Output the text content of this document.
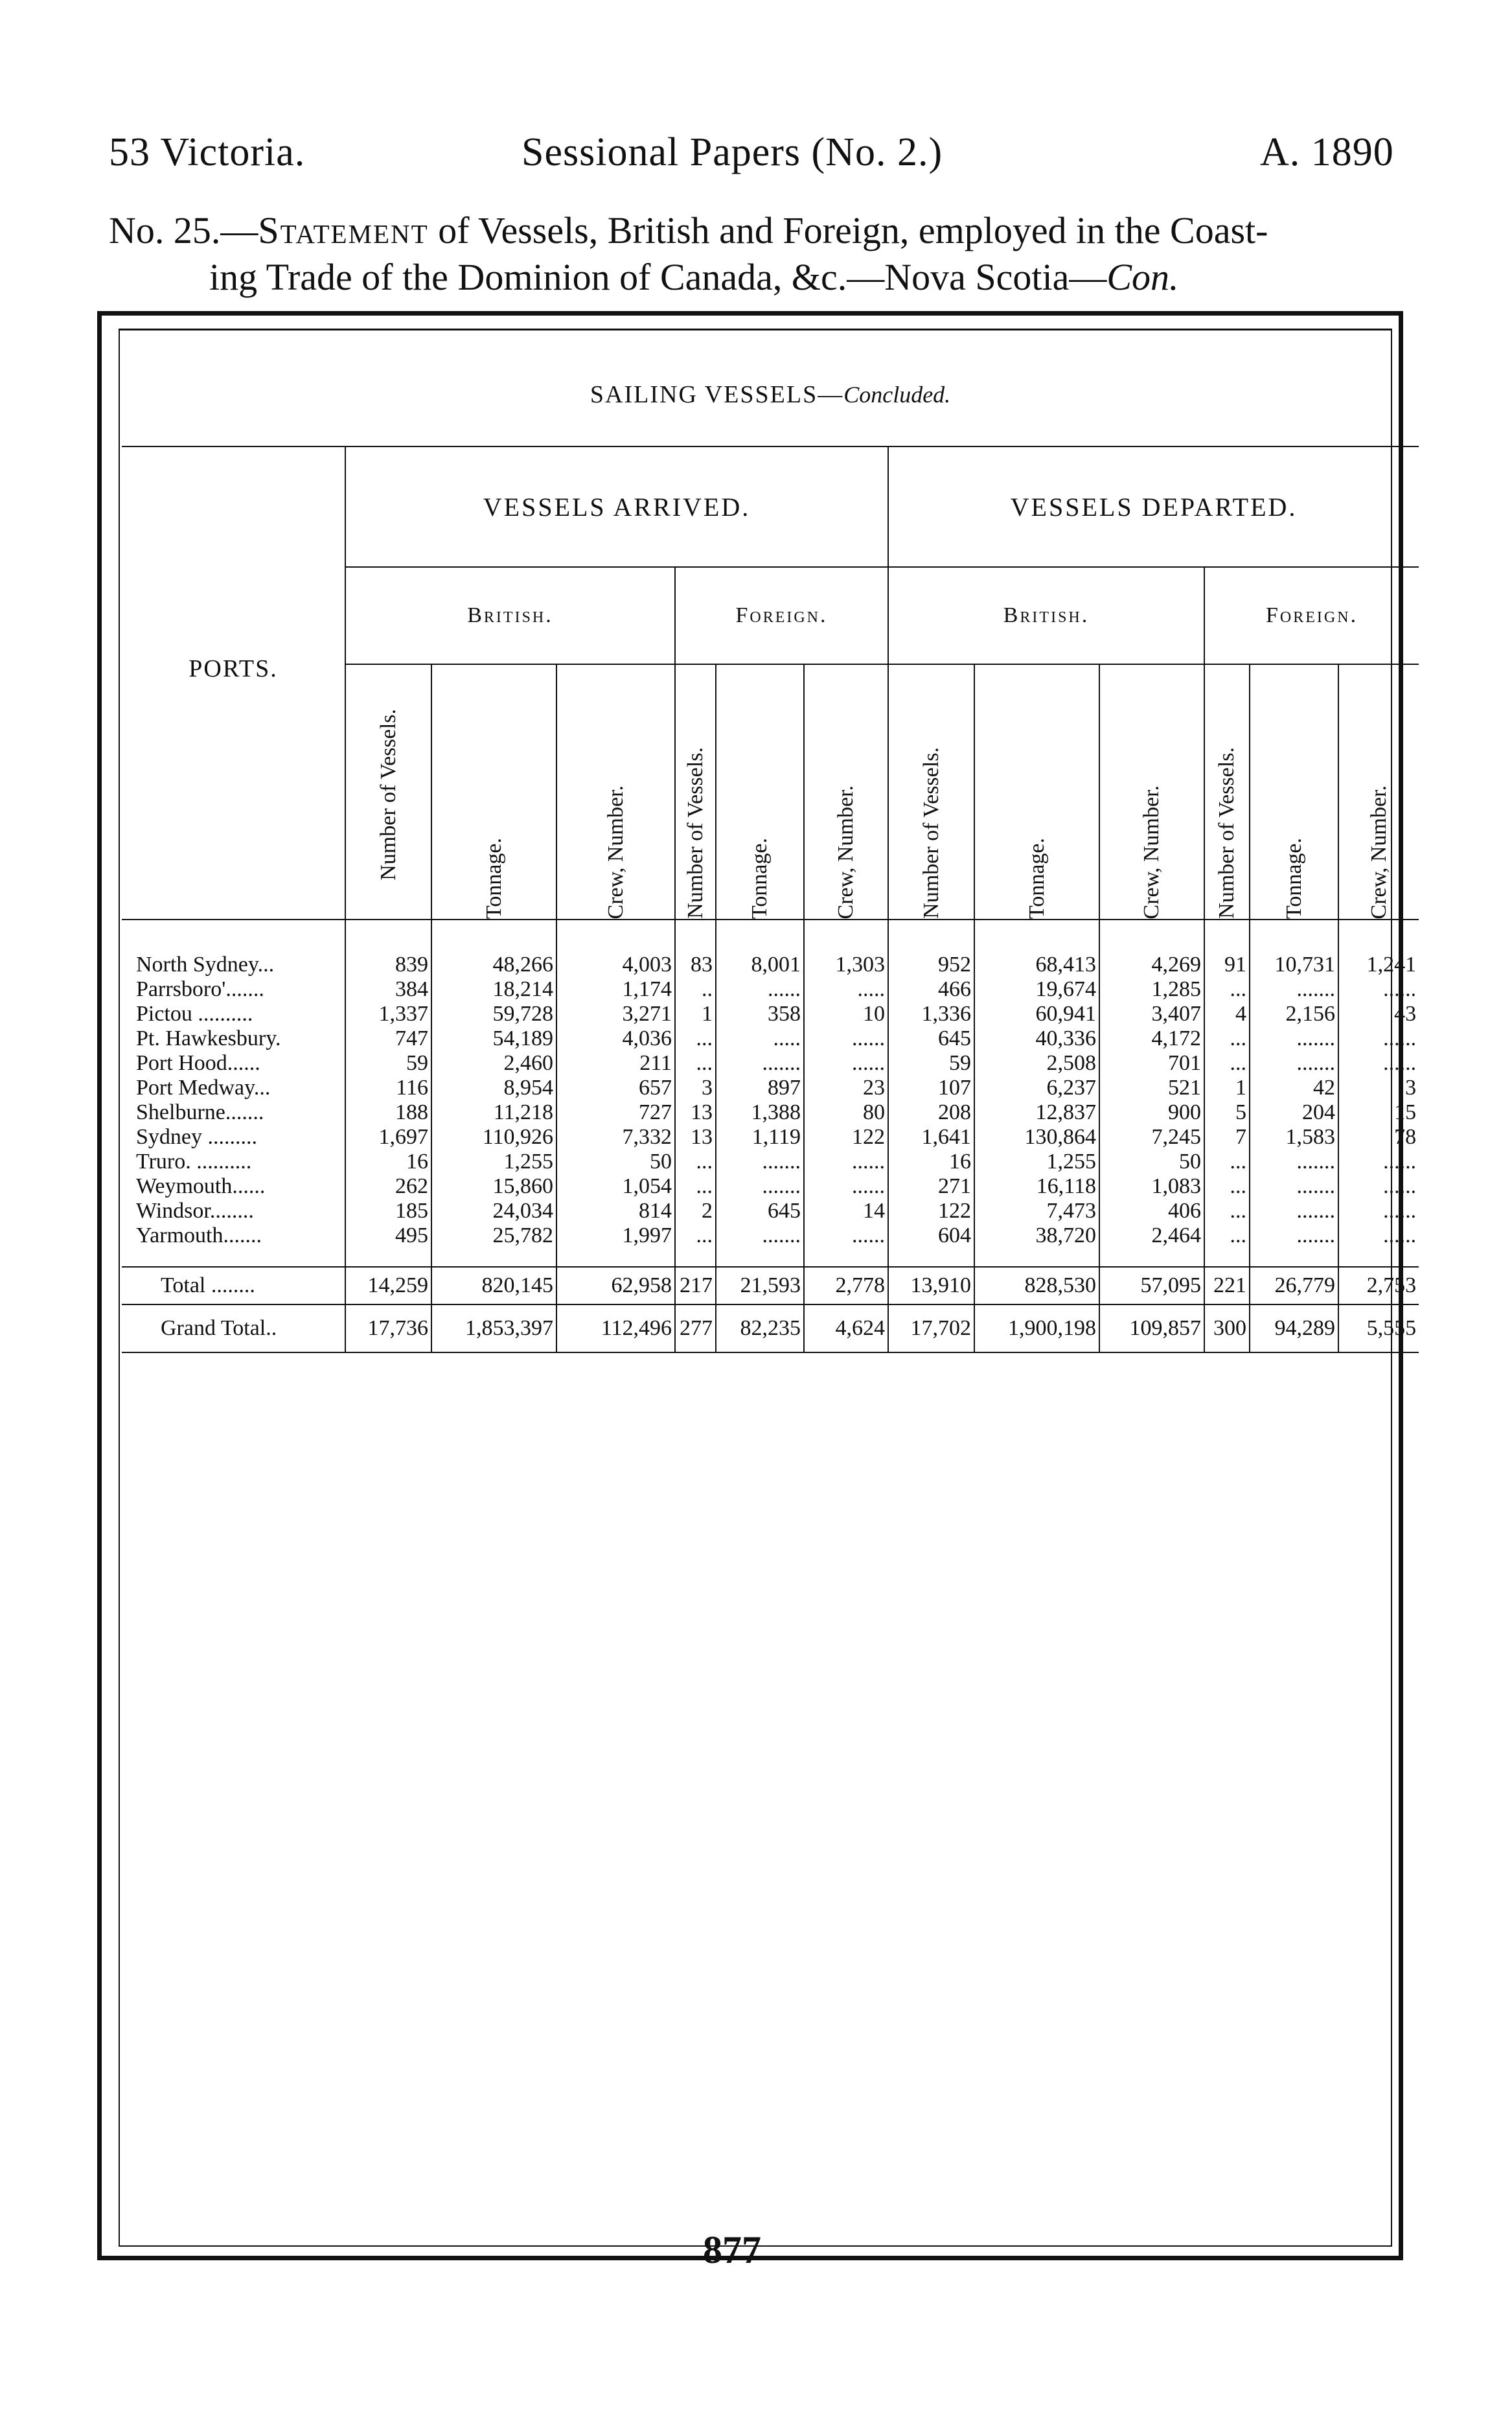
53 Victoria.	Sessional Papers (No. 2.)	A. 1890
No. 25.—Statement of Vessels, British and Foreign, employed in the Coast-
ing Trade of the Dominion of Canada, &c.—Nova Scotia—Con.
SAILING VESSELS—Concluded.												
PORTS.	VESSELS ARRIVED.						VESSELS DEPARTED.					
	British.			Foreign.			British.			Foreign.		

	Number of Vessels.	Tonnage.	Crew, Number.	Number of Vessels.	Tonnage.	Crew, Number.	Number of Vessels.	Tonnage.	Crew, Number.	Number of Vessels.	Tonnage.	Crew, Number.

North Sydney...	839	48,266	4,003	83	8,001	1,303	952	68,413	4,269	91	10,731	1,241
Parrsboro'.......	384	18,214	1,174	..	......	.....	466	19,674	1,285	...	.......	......
Pictou ..........	1,337	59,728	3,271	1	358	10	1,336	60,941	3,407	4	2,156	43
Pt. Hawkesbury.	747	54,189	4,036	...	.....	......	645	40,336	4,172	...	.......	......
Port Hood......	59	2,460	211	...	.......	......	59	2,508	701	...	.......	......
Port Medway...	116	8,954	657	3	897	23	107	6,237	521	1	42	3
Shelburne.......	188	11,218	727	13	1,388	80	208	12,837	900	5	204	15
Sydney .........	1,697	110,926	7,332	13	1,119	122	1,641	130,864	7,245	7	1,583	78
Truro. ..........	16	1,255	50	...	.......	......	16	1,255	50	...	.......	......
Weymouth......	262	15,860	1,054	...	.......	......	271	16,118	1,083	...	.......	......
Windsor........	185	24,034	814	2	645	14	122	7,473	406	...	.......	......
Yarmouth.......	495	25,782	1,997	...	.......	......	604	38,720	2,464	...	.......	......

Total ........	14,259	820,145	62,958	217	21,593	2,778	13,910	828,530	57,095	221	26,779	2,753
Grand Total..	17,736	1,853,397	112,496	277	82,235	4,624	17,702	1,900,198	109,857	300	94,289	5,555
877
